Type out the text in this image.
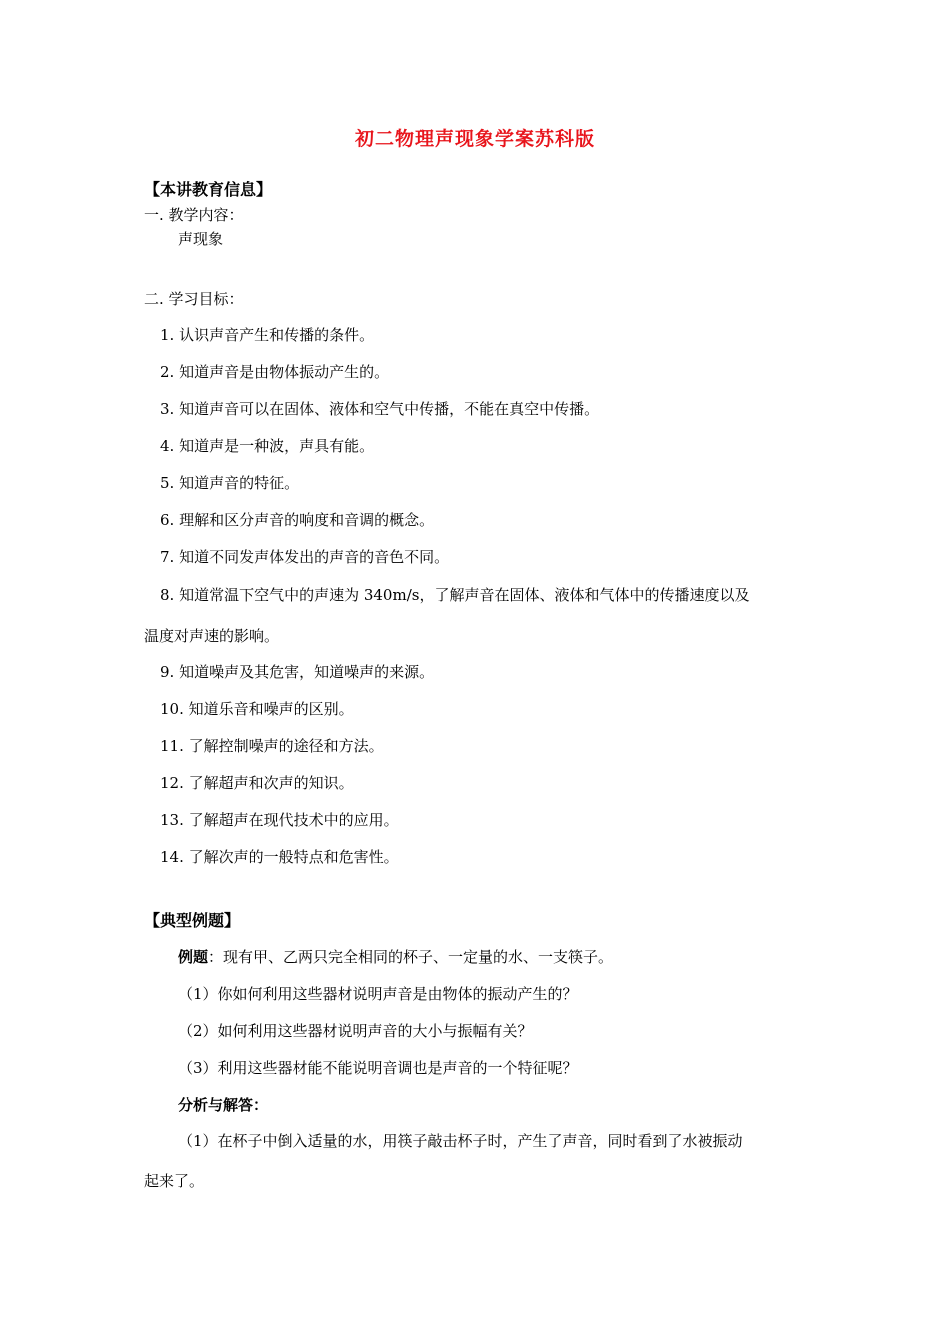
初二物理声现象学案苏科版
【本讲教育信息】
一. 教学内容：
声现象
二. 学习目标：
1. 认识声音产生和传播的条件。
2. 知道声音是由物体振动产生的。
3. 知道声音可以在固体、液体和空气中传播，不能在真空中传播。
4. 知道声是一种波，声具有能。
5. 知道声音的特征。
6. 理解和区分声音的响度和音调的概念。
7. 知道不同发声体发出的声音的音色不同。
8. 知道常温下空气中的声速为 340m/s，了解声音在固体、液体和气体中的传播速度以及
温度对声速的影响。
9. 知道噪声及其危害，知道噪声的来源。
10. 知道乐音和噪声的区别。
11. 了解控制噪声的途径和方法。
12. 了解超声和次声的知识。
13. 了解超声在现代技术中的应用。
14. 了解次声的一般特点和危害性。
【典型例题】
例题：现有甲、乙两只完全相同的杯子、一定量的水、一支筷子。
（1）你如何利用这些器材说明声音是由物体的振动产生的？
（2）如何利用这些器材说明声音的大小与振幅有关？
（3）利用这些器材能不能说明音调也是声音的一个特征呢？
分析与解答：
（1）在杯子中倒入适量的水，用筷子敲击杯子时，产生了声音，同时看到了水被振动
起来了。
